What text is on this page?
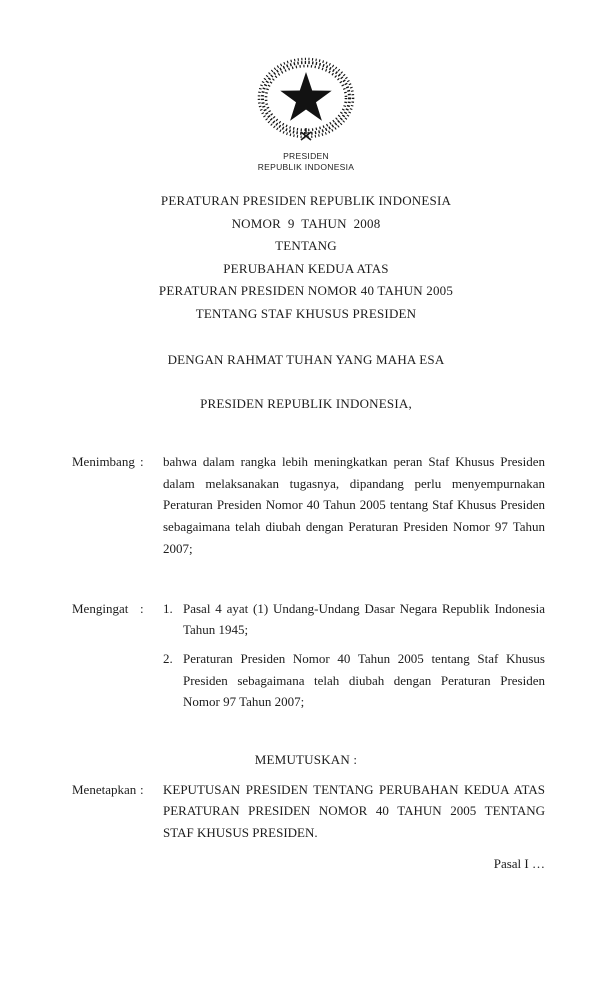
PRESIDEN
REPUBLIK INDONESIA
PERATURAN PRESIDEN REPUBLIK INDONESIA
NOMOR  9  TAHUN  2008
TENTANG
PERUBAHAN KEDUA ATAS
PERATURAN PRESIDEN NOMOR 40 TAHUN 2005
TENTANG STAF KHUSUS PRESIDEN
DENGAN RAHMAT TUHAN YANG MAHA ESA
PRESIDEN REPUBLIK INDONESIA,
Menimbang :	bahwa dalam rangka lebih meningkatkan peran Staf Khusus Presiden dalam melaksanakan tugasnya, dipandang perlu menyempurnakan Peraturan Presiden Nomor 40 Tahun 2005 tentang Staf Khusus Presiden sebagaimana telah diubah dengan Peraturan Presiden Nomor 97 Tahun 2007;
Mengingat :	1. Pasal 4 ayat (1) Undang-Undang Dasar Negara Republik Indonesia Tahun 1945;
2. Peraturan Presiden Nomor 40 Tahun 2005 tentang Staf Khusus Presiden sebagaimana telah diubah dengan Peraturan Presiden Nomor 97 Tahun 2007;
MEMUTUSKAN :
Menetapkan :	KEPUTUSAN PRESIDEN TENTANG PERUBAHAN KEDUA ATAS PERATURAN PRESIDEN NOMOR 40 TAHUN 2005 TENTANG STAF KHUSUS PRESIDEN.
Pasal I …
